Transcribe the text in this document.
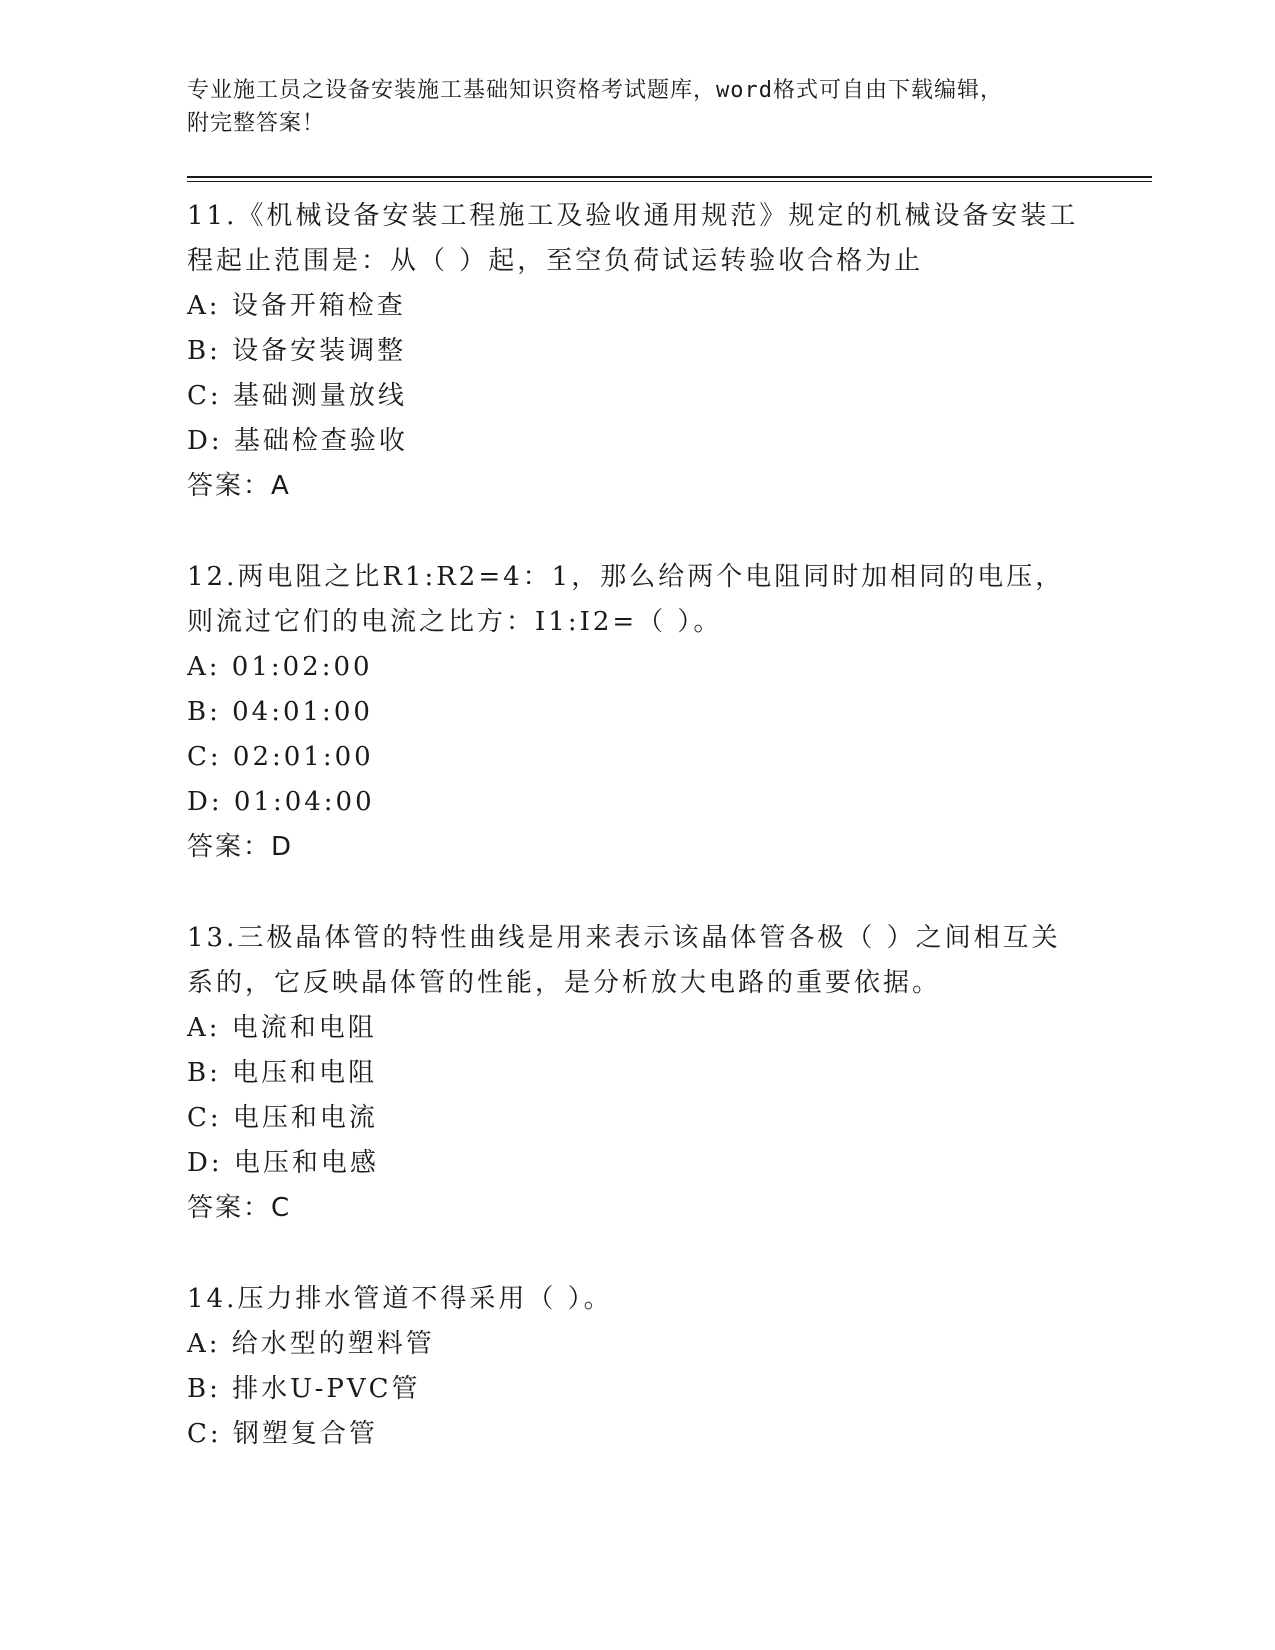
专业施工员之设备安装施工基础知识资格考试题库，word格式可自由下载编辑，
附完整答案！

11.《机械设备安装工程施工及验收通用规范》规定的机械设备安装工程起止范围是：从（ ）起，至空负荷试运转验收合格为止

A: 设备开箱检查

B: 设备安装调整

C: 基础测量放线

D: 基础检查验收

答案：A

12.两电阻之比R1:R2=4：1，那么给两个电阻同时加相同的电压，则流过它们的电流之比方：I1:I2=（ ）。

A: 01:02:00

B: 04:01:00

C: 02:01:00

D: 01:04:00

答案：D

13.三极晶体管的特性曲线是用来表示该晶体管各极（ ）之间相互关系的，它反映晶体管的性能，是分析放大电路的重要依据。

A: 电流和电阻

B: 电压和电阻

C: 电压和电流

D: 电压和电感

答案：C

14.压力排水管道不得采用（ ）。

A: 给水型的塑料管

B: 排水U-PVC管

C: 钢塑复合管
